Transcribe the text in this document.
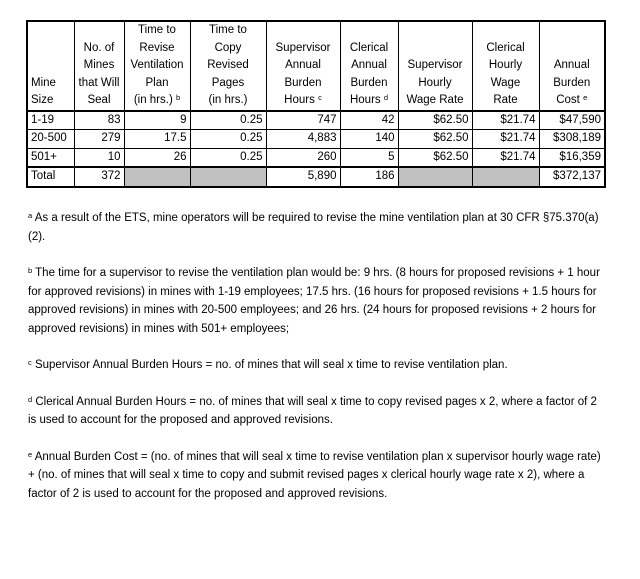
Mine
Size	No. of
Mines
that Will
Seal	Time to
Revise
Ventilation
Plan
(in hrs.) $^b$	Time to
Copy
Revised
Pages
(in hrs.)	Supervisor
Annual
Burden
Hours $^c$	Clerical
Annual
Burden
Hours $^d$	Supervisor
Hourly
Wage Rate	Clerical
Hourly
Wage
Rate	Annual
Burden
Cost $^e$
1-19	83	9	0.25	747	42	$62.50	$21.74	$47,590
20-500	279	17.5	0.25	4,883	140	$62.50	$21.74	$308,189
501+	10	26	0.25	260	5	$62.50	$21.74	$16,359
Total	372			5,890	186			$372,137

$^a$ As a result of the ETS, mine operators will be required to revise the mine ventilation plan at 30 CFR §75.370(a)(2).

$^b$ The time for a supervisor to revise the ventilation plan would be: 9 hrs. (8 hours for proposed revisions + 1 hour for approved revisions) in mines with 1-19 employees; 17.5 hrs. (16 hours for proposed revisions + 1.5 hours for approved revisions) in mines with 20-500 employees; and 26 hrs. (24 hours for proposed revisions + 2 hours for approved revisions) in mines with 501+ employees;

$^c$ Supervisor Annual Burden Hours = no. of mines that will seal x time to revise ventilation plan.

$^d$ Clerical Annual Burden Hours = no. of mines that will seal x time to copy revised pages x 2, where a factor of 2 is used to account for the proposed and approved revisions.

$^e$ Annual Burden Cost = (no. of mines that will seal x time to revise ventilation plan x supervisor hourly wage rate) + (no. of mines that will seal x time to copy and submit revised pages x clerical hourly wage rate x 2), where a factor of 2 is used to account for the proposed and approved revisions.
